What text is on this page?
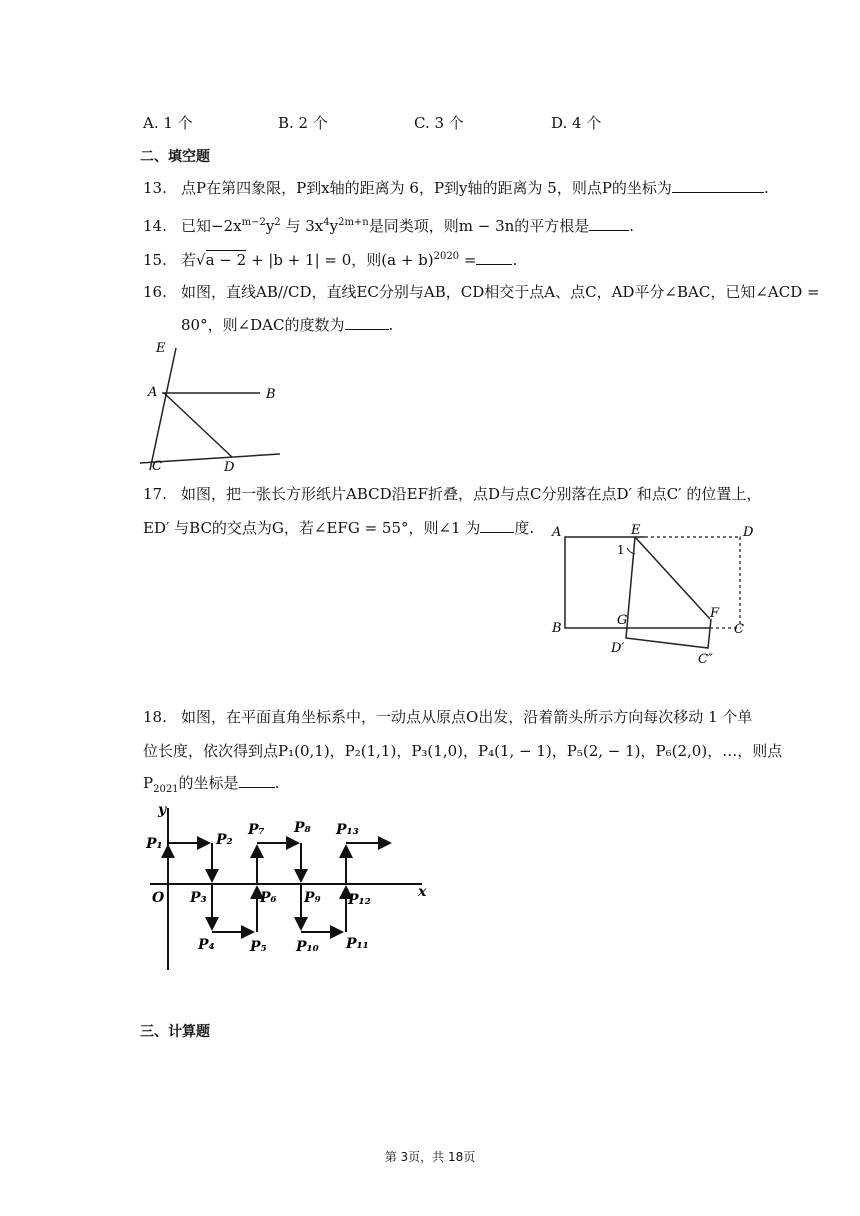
A. 1 个	B. 2 个	C. 3 个	D. 4 个
二、填空题
13. 点P在第四象限，P到x轴的距离为 6，P到y轴的距离为 5，则点P的坐标为	.
14. 已知$-2x^{m-2}y^2$ 与 $3x^4y^{2m+n}$是同类项，则m − 3n的平方根是	.
15. 若√a − 2 + |b + 1| = 0，则$(a + b)^{2020}$ = .
16. 如图，直线AB//CD，直线EC分别与AB，CD相交于点A、点C，AD平分∠BAC，已知∠ACD =
80°，则∠DAC的度数为	.
E
A	B
C	D
17. 如图，把一张长方形纸片ABCD沿EF折叠，点D与点C分别落在点D′ 和点C′ 的位置上，
ED′ 与BC的交点为G，若∠EFG = 55°，则∠1 为 度. A	E	D
1
G	F
B	C
D′
C″
18. 如图，在平面直角坐标系中，一动点从原点O出发，沿着箭头所示方向每次移动 1 个单
位长度，依次得到点P₁(0,1)，P₂(1,1)，P₃(1,0)，P₄(1, − 1)，P₅(2, − 1)，P₆(2,0)，…，则点
$P_{2021}$的坐标是 .
y
x
O
P₁	P₂
P₃
P₄	P₅
P₆
P₇ P₈
P₉
P₁₀ P₁₁
P₁₂
P₁₃
三、计算题
第 3页，共 18页
